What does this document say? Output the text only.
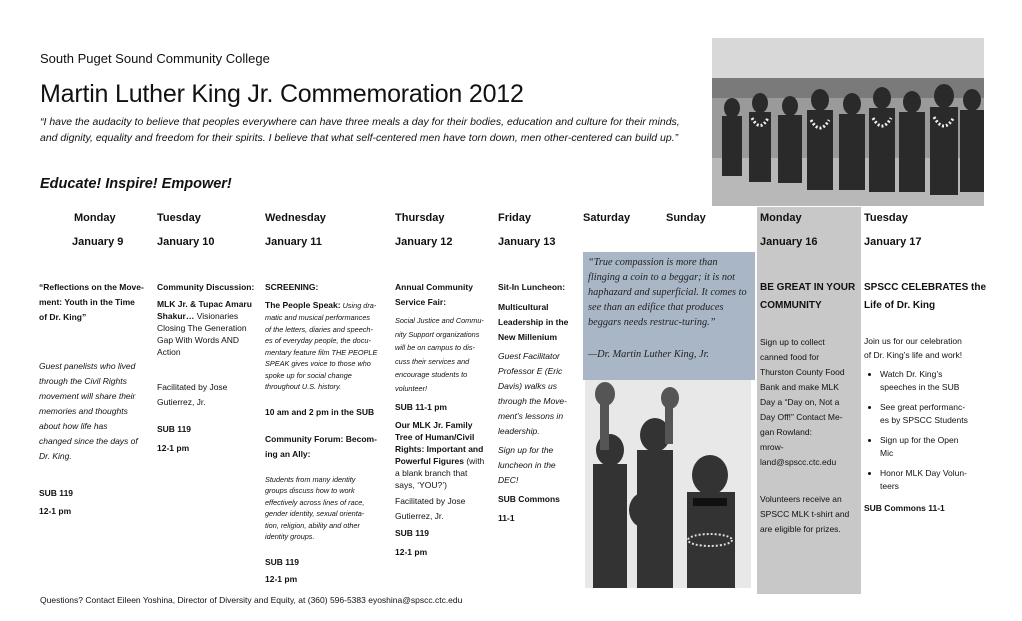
South Puget Sound Community College
Martin Luther King Jr. Commemoration 2012
“I have the audacity to believe that peoples everywhere can have three meals a day for their bodies, education and culture for their minds, and dignity, equality and freedom for their spirits. I believe that what self-centered men have torn down, men other-centered can build up.”
Educate! Inspire! Empower!
Monday
January 9
Tuesday
January 10
Wednesday
January 11
Thursday
January 12
Friday
January 13
Saturday	Sunday	Monday
January 16
Tuesday
January 17
“Reflections on the Move-
ment: Youth in the Time
of Dr. King”
Guest panelists who lived
through the Civil Rights
movement will share their
memories and thoughts
about how life has
changed since the days of
Dr. King.
SUB 119
12-1 pm
Community Discussion:
MLK Jr. & Tupac Amaru
Shakur… Visionaries
Closing The Generation
Gap With Words AND
Action
Facilitated by Jose
Gutierrez, Jr.
SUB 119
12-1 pm
SCREENING:
The People Speak: Using dra-
matic and musical performances
of the letters, diaries and speech-
es of everyday people, the docu-
mentary feature film THE PEOPLE
SPEAK gives voice to those who
spoke up for social change
throughout U.S. history.
10 am and 2 pm in the SUB
Community Forum: Becom-
ing an Ally:
Students from many identity
groups discuss how to work
effectively across lines of race,
gender identity, sexual orienta-
tion, religion, ability and other
identity groups.
SUB 119
12-1 pm
Annual Community
Service Fair:
Social Justice and Commu-
nity Support organizations
will be on campus to dis-
cuss their services and
encourage students to
volunteer!
SUB 11-1 pm
Our MLK Jr. Family
Tree of Human/Civil
Rights: Important and
Powerful Figures (with
a blank branch that
says, ‘YOU?’)
Facilitated by Jose
Gutierrez, Jr.
SUB 119
12-1 pm
Sit-In Luncheon:
Multicultural
Leadership in the
New Millenium
Guest Facilitator
Professor E (Eric
Davis) walks us
through the Move-
ment’s lessons in
leadership.
Sign up for the
luncheon in the
DEC!
SUB Commons
11-1
“True compassion is more than flinging a coin to a beggar; it is not haphazard and superficial. It comes to see than an edifice that produces beggars needs restruc-turing.”
—Dr. Martin Luther King, Jr.
BE GREAT IN YOUR
COMMUNITY
Sign up to collect
canned food for
Thurston County Food
Bank and make MLK
Day a “Day on, Not a
Day Off!” Contact Me-
gan Rowland:
mrow-
land@spscc.ctc.edu
Volunteers receive an
SPSCC MLK t-shirt and
are eligible for prizes.
SPSCC CELEBRATES the
Life of Dr. King
Join us for our celebration
of Dr. King’s life and work!
• Watch Dr. King’s
speeches in the SUB
• See great performanc-
es by SPSCC Students
• Sign up for the Open
Mic
• Honor MLK Day Volun-
teers
SUB Commons 11-1
Questions? Contact Eileen Yoshina, Director of Diversity and Equity, at (360) 596-5383 eyoshina@spscc.ctc.edu
